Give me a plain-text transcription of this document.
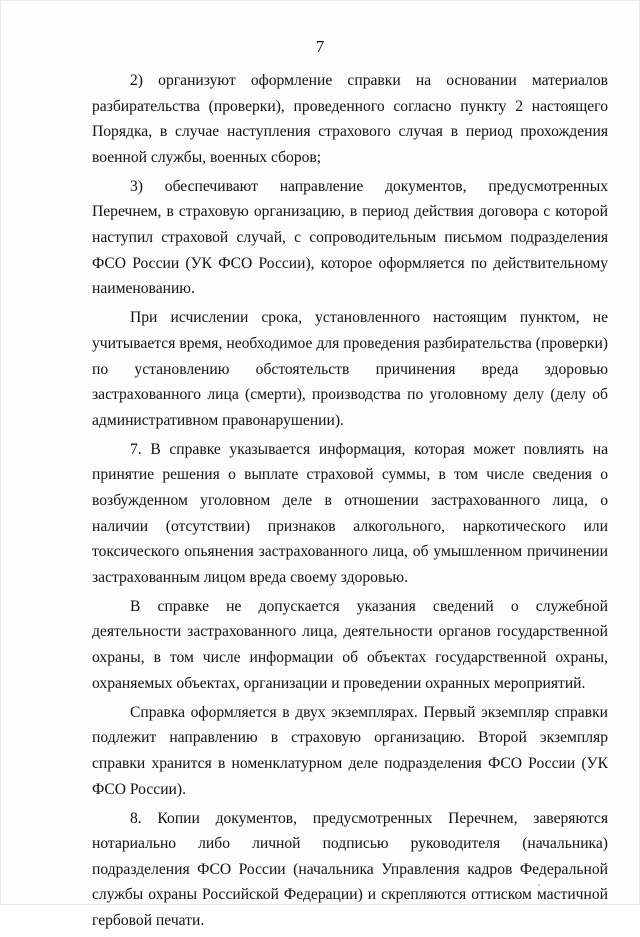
7

2) организуют оформление справки на основании материалов разбирательства (проверки), проведенного согласно пункту 2 настоящего Порядка, в случае наступления страхового случая в период прохождения военной службы, военных сборов;

3) обеспечивают направление документов, предусмотренных Перечнем, в страховую организацию, в период действия договора с которой наступил страховой случай, с сопроводительным письмом подразделения ФСО России (УК ФСО России), которое оформляется по действительному наименованию.

При исчислении срока, установленного настоящим пунктом, не учитывается время, необходимое для проведения разбирательства (проверки) по установлению обстоятельств причинения вреда здоровью застрахованного лица (смерти), производства по уголовному делу (делу об административном правонарушении).

7. В справке указывается информация, которая может повлиять на принятие решения о выплате страховой суммы, в том числе сведения о возбужденном уголовном деле в отношении застрахованного лица, о наличии (отсутствии) признаков алкогольного, наркотического или токсического опьянения застрахованного лица, об умышленном причинении застрахованным лицом вреда своему здоровью.

В справке не допускается указания сведений о служебной деятельности застрахованного лица, деятельности органов государственной охраны, в том числе информации об объектах государственной охраны, охраняемых объектах, организации и проведении охранных мероприятий.

Справка оформляется в двух экземплярах. Первый экземпляр справки подлежит направлению в страховую организацию. Второй экземпляр справки хранится в номенклатурном деле подразделения ФСО России (УК ФСО России).

8. Копии документов, предусмотренных Перечнем, заверяются нотариально либо личной подписью руководителя (начальника) подразделения ФСО России (начальника Управления кадров Федеральной службы охраны Российской Федерации) и скрепляются оттиском мастичной гербовой печати.
